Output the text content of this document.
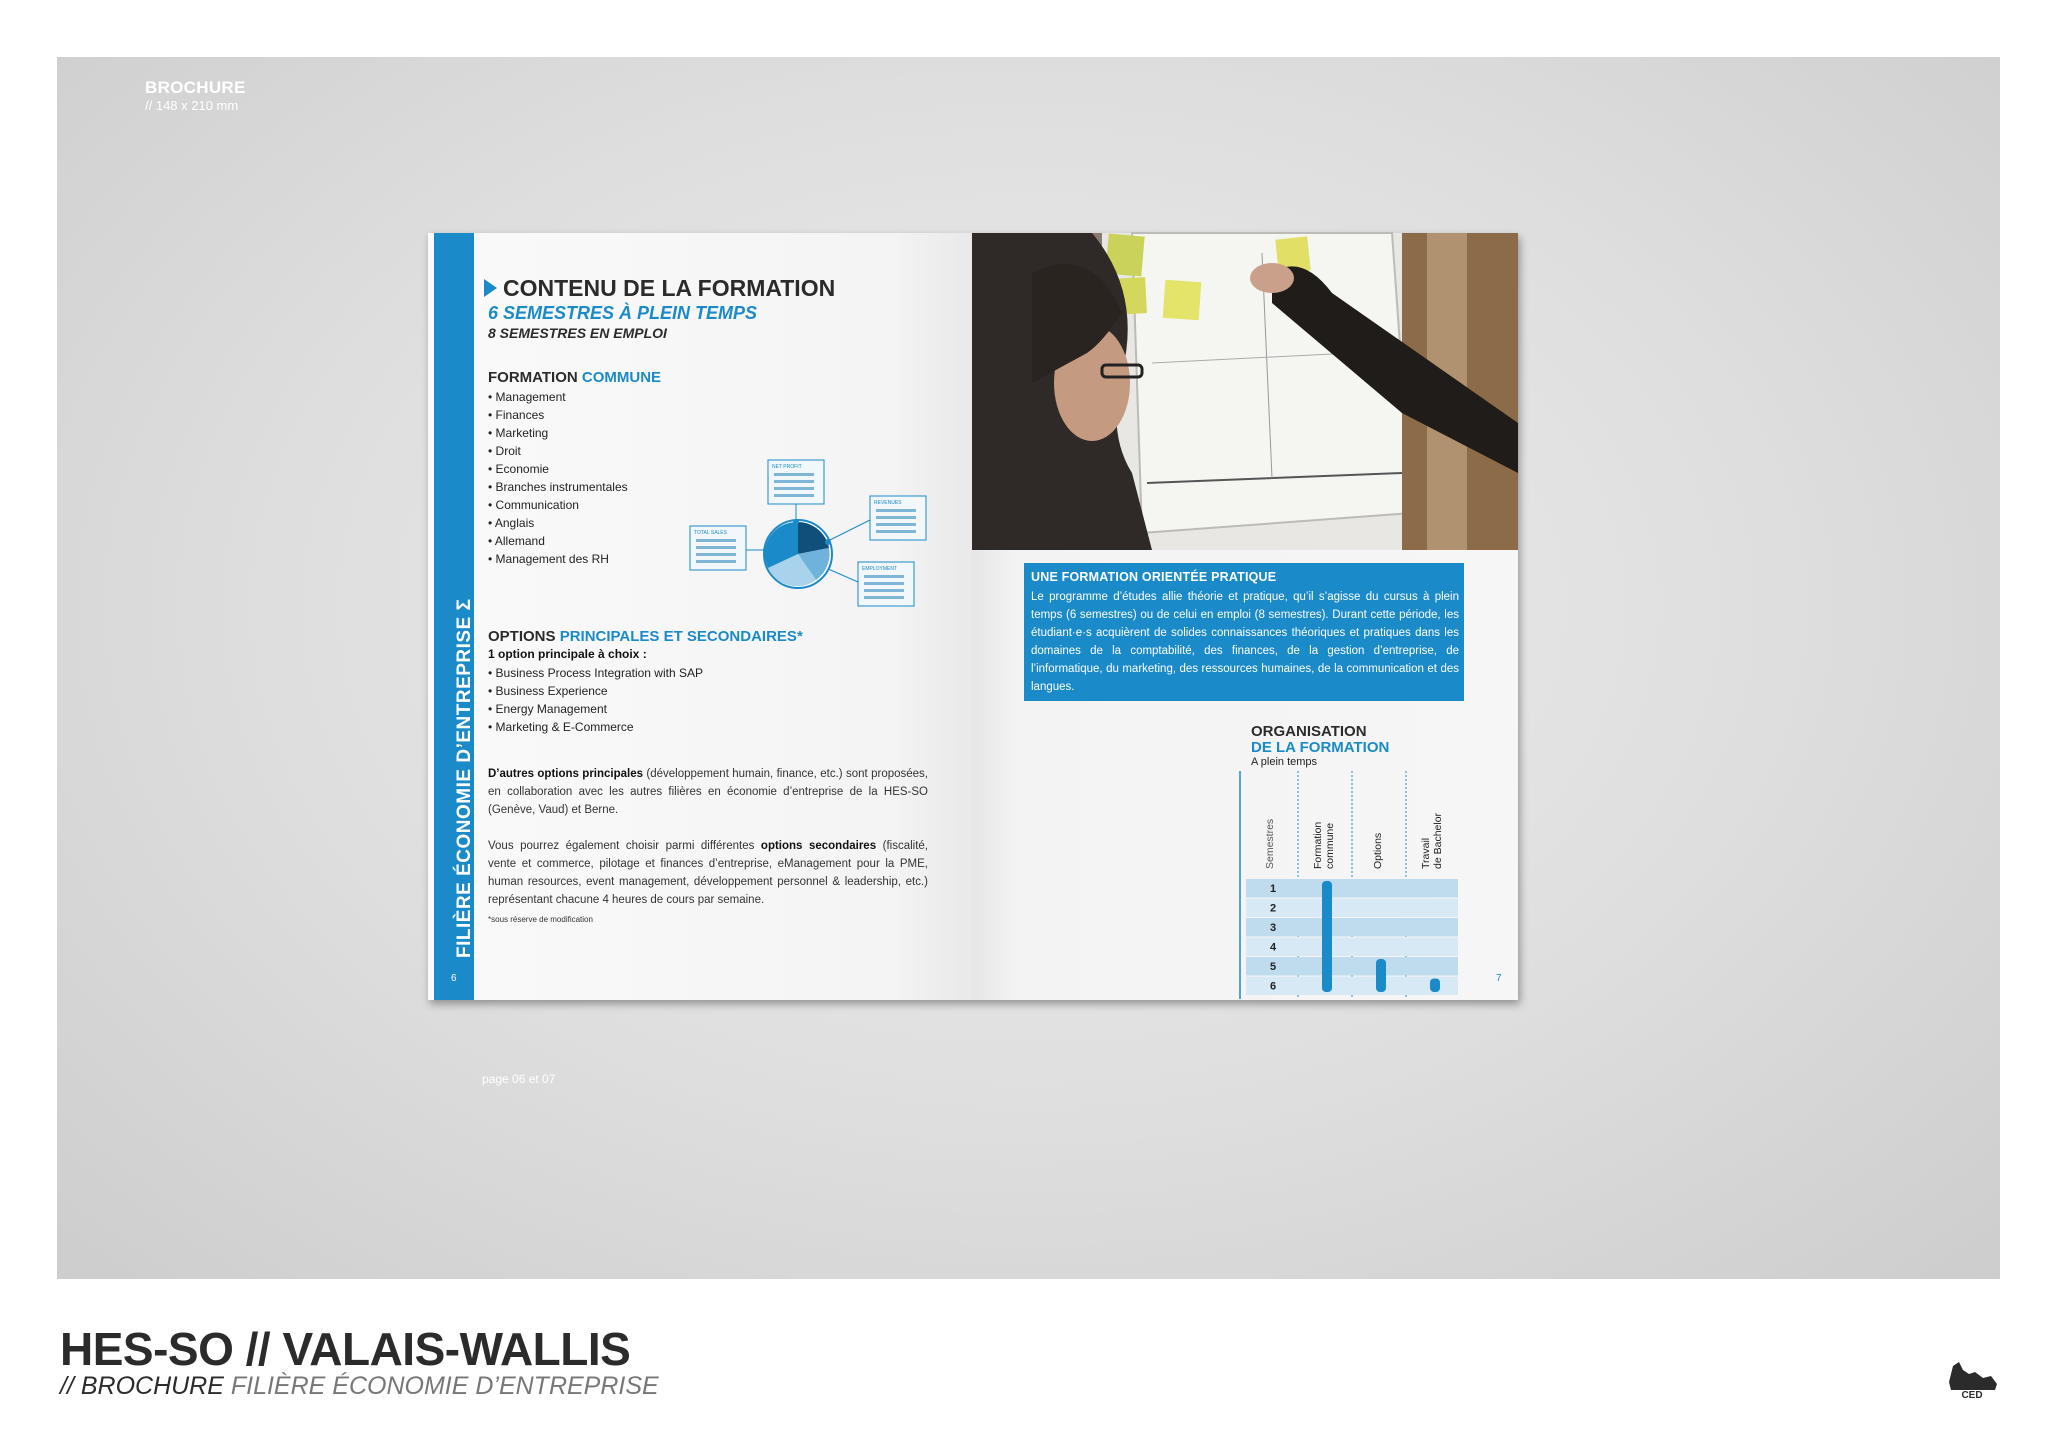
BROCHURE
// 148 x 210 mm
page 06 et 07
FILIÈRE ÉCONOMIE D’ENTREPRISE Σ
6
CONTENU DE LA FORMATION
6 SEMESTRES À PLEIN TEMPS
8 SEMESTRES EN EMPLOI
FORMATION COMMUNE
• Management
• Finances
• Marketing
• Droit
• Economie
• Branches instrumentales
• Communication
• Anglais
• Allemand
• Management des RH
NET PROFIT
REVENUES
TOTAL SALES
EMPLOYMENT
OPTIONS PRINCIPALES ET SECONDAIRES*
1 option principale à choix :
• Business Process Integration with SAP
• Business Experience
• Energy Management
• Marketing & E-Commerce
D’autres options principales (développement humain, finance, etc.) sont proposées, en collaboration avec les autres filières en économie d’entreprise de la HES-SO (Genève, Vaud) et Berne.
Vous pourrez également choisir parmi différentes options secondaires (fiscalité, vente et commerce, pilotage et finances d’entreprise, eManagement pour la PME, human resources, event management, développement personnel & leadership, etc.) représentant chacune 4 heures de cours par semaine.
*sous réserve de modification
UNE FORMATION ORIENTÉE PRATIQUE
Le programme d’études allie théorie et pratique, qu’il s’agisse du cursus à plein temps (6 semestres) ou de celui en emploi (8 semestres). Durant cette période, les étudiant·e·s acquièrent de solides connaissances théoriques et pratiques dans les domaines de la comptabilité, des finances, de la gestion d’entreprise, de l’informatique, du marketing, des ressources humaines, de la communication et des langues.
ORGANISATION
DE LA FORMATION
A plein temps
1
2
3
4
5
6
Semestres	Formation commune	Options	Travail de Bachelor
7
HES-SO // VALAIS-WALLIS
// BROCHURE FILIÈRE ÉCONOMIE D’ENTREPRISE	CED
